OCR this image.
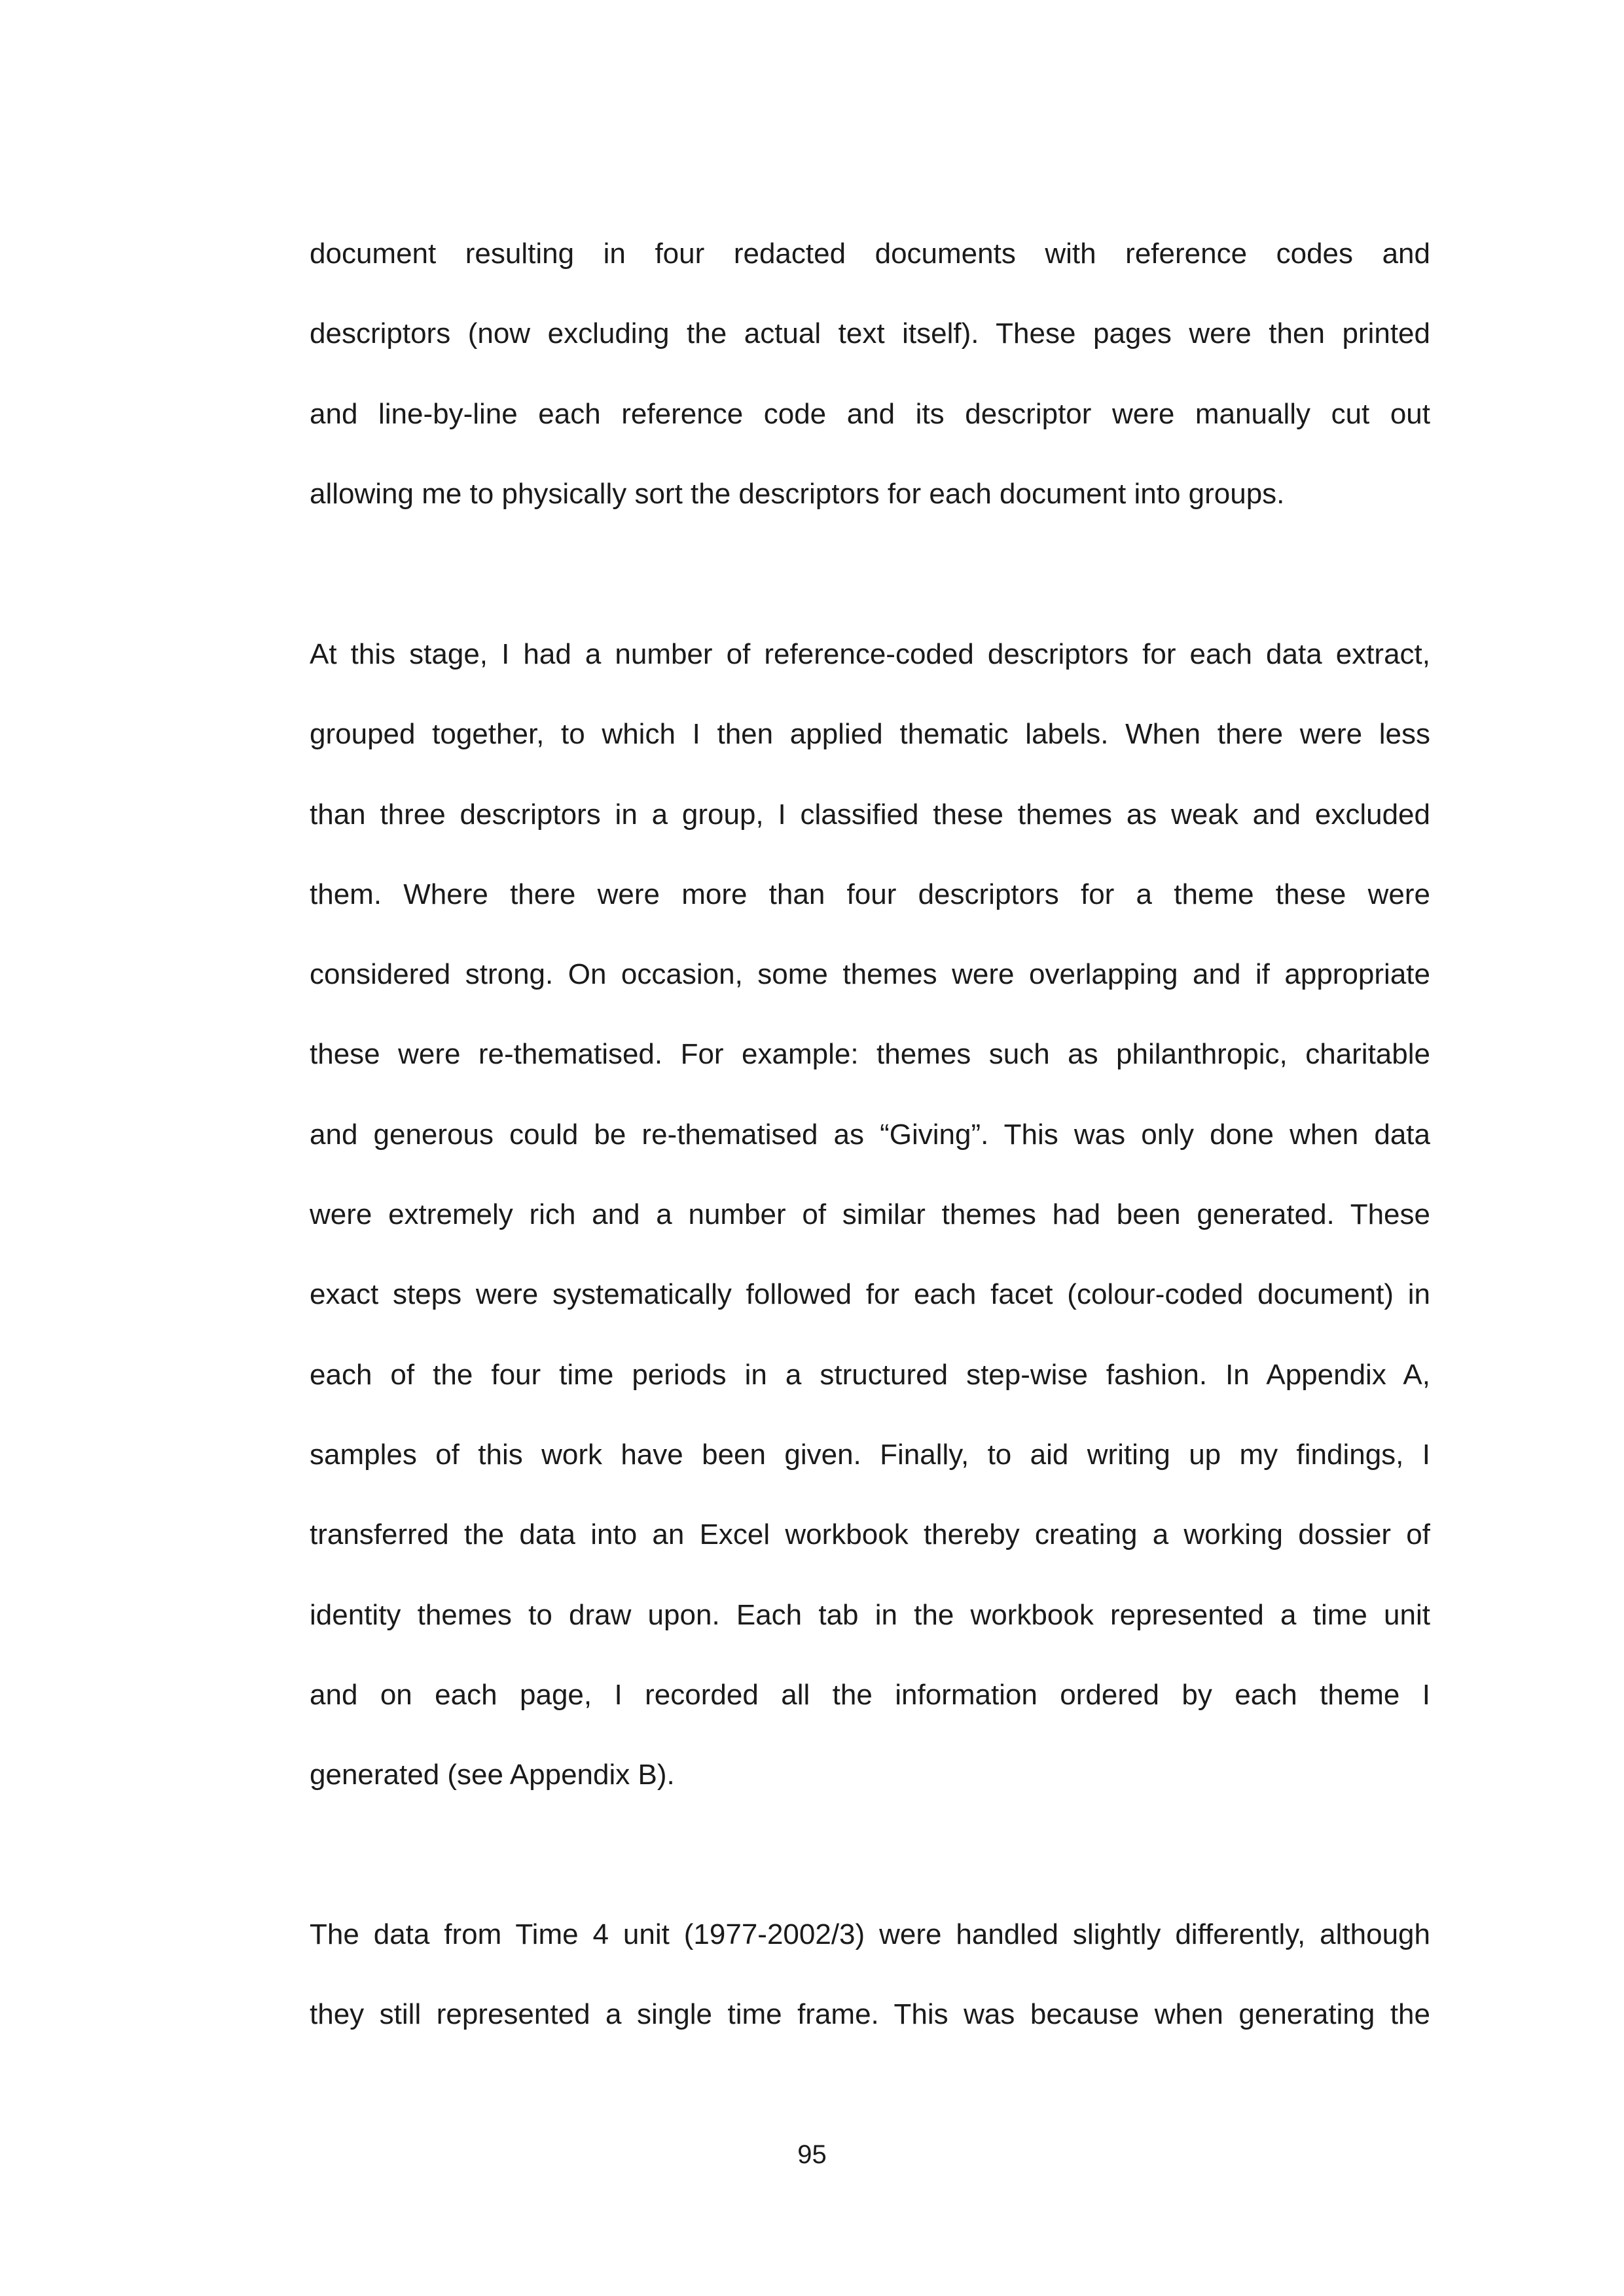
document resulting in four redacted documents with reference codes and
descriptors (now excluding the actual text itself). These pages were then printed
and line-by-line each reference code and its descriptor were manually cut out
allowing me to physically sort the descriptors for each document into groups.
At this stage, I had a number of reference-coded descriptors for each data extract,
grouped together, to which I then applied thematic labels. When there were less
than three descriptors in a group, I classified these themes as weak and excluded
them. Where there were more than four descriptors for a theme these were
considered strong. On occasion, some themes were overlapping and if appropriate
these were re-thematised. For example: themes such as philanthropic, charitable
and generous could be re-thematised as “Giving”. This was only done when data
were extremely rich and a number of similar themes had been generated. These
exact steps were systematically followed for each facet (colour-coded document) in
each of the four time periods in a structured step-wise fashion. In Appendix A,
samples of this work have been given. Finally, to aid writing up my findings, I
transferred the data into an Excel workbook thereby creating a working dossier of
identity themes to draw upon. Each tab in the workbook represented a time unit
and on each page, I recorded all the information ordered by each theme I
generated (see Appendix B).
The data from Time 4 unit (1977-2002/3) were handled slightly differently, although
they still represented a single time frame. This was because when generating the
95
